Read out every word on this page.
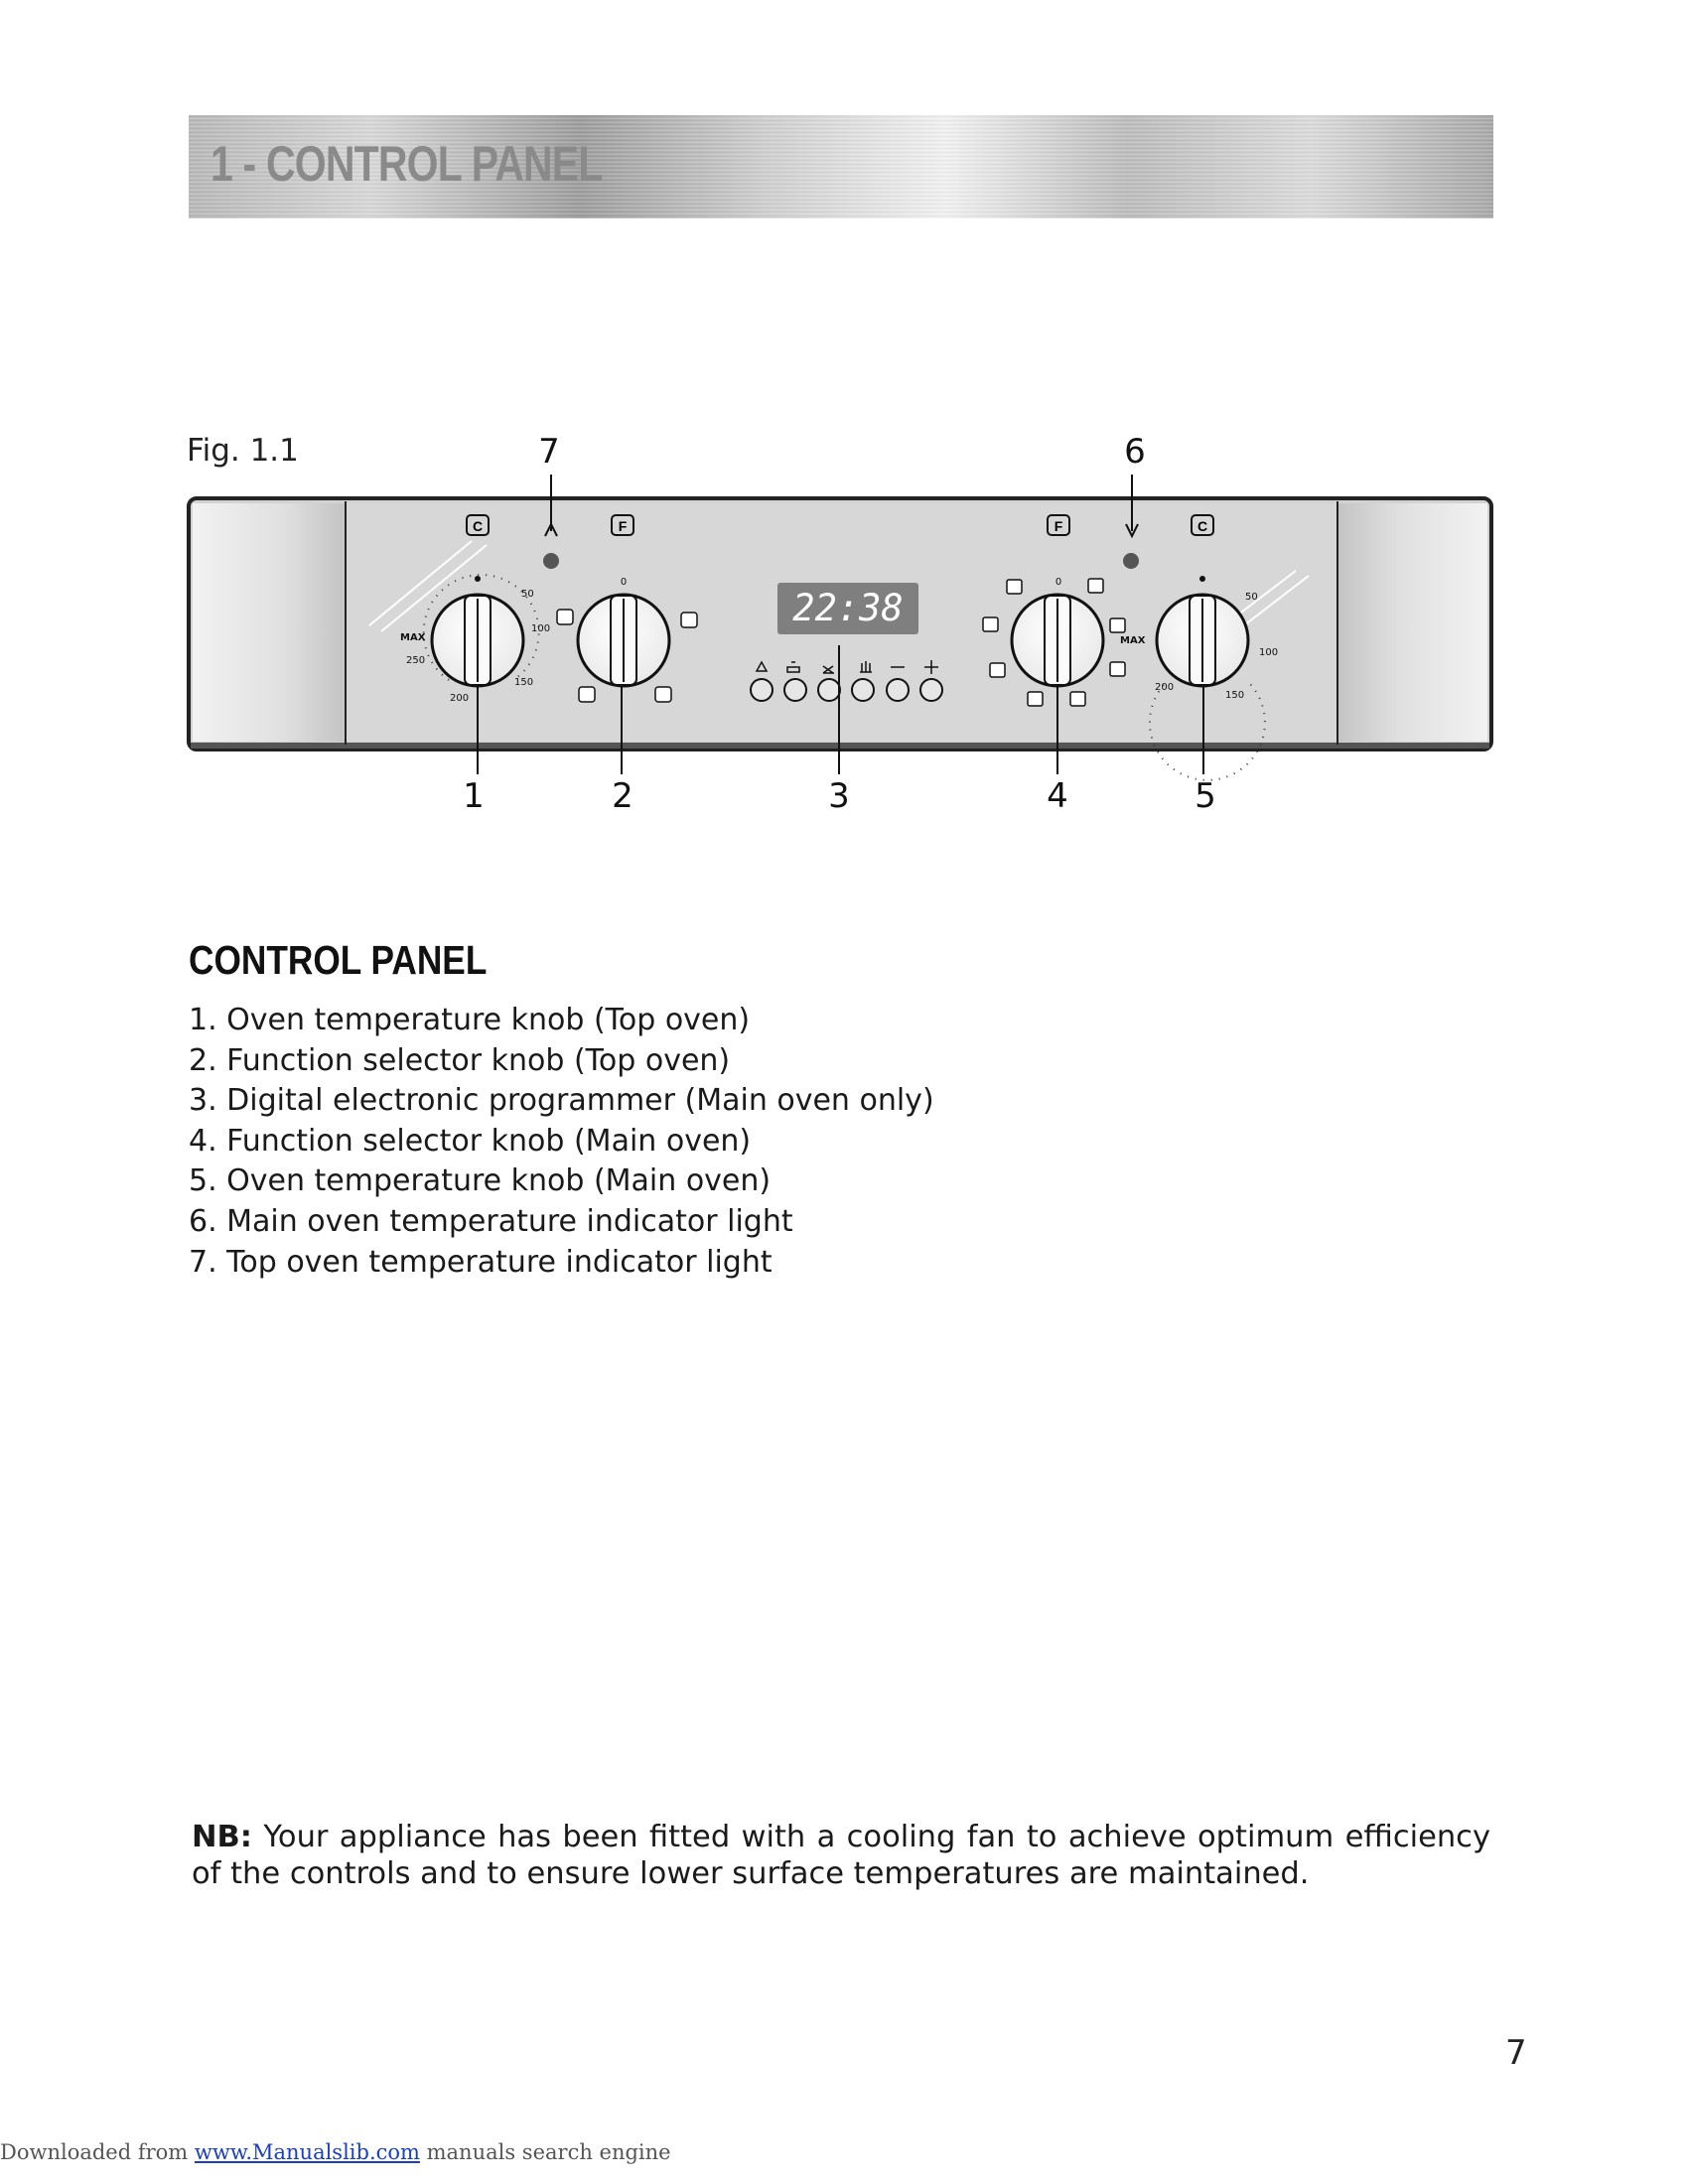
1 - CONTROL PANEL
Fig. 1.1
C	F	F	C
50
100
150
200
250
MAX
0
22:38
0
MAX
50
100
150
200
1	2	3	4	5
6
7
CONTROL PANEL
1. Oven temperature knob (Top oven)
2. Function selector knob (Top oven)
3. Digital electronic programmer (Main oven only)
4. Function selector knob (Main oven)
5. Oven temperature knob (Main oven)
6. Main oven temperature indicator light
7. Top oven temperature indicator light
NB: Your appliance has been fitted with a cooling fan to achieve optimum efficiency of the controls and to ensure lower surface temperatures are maintained.
7
Downloaded from www.Manualslib.com manuals search engine
